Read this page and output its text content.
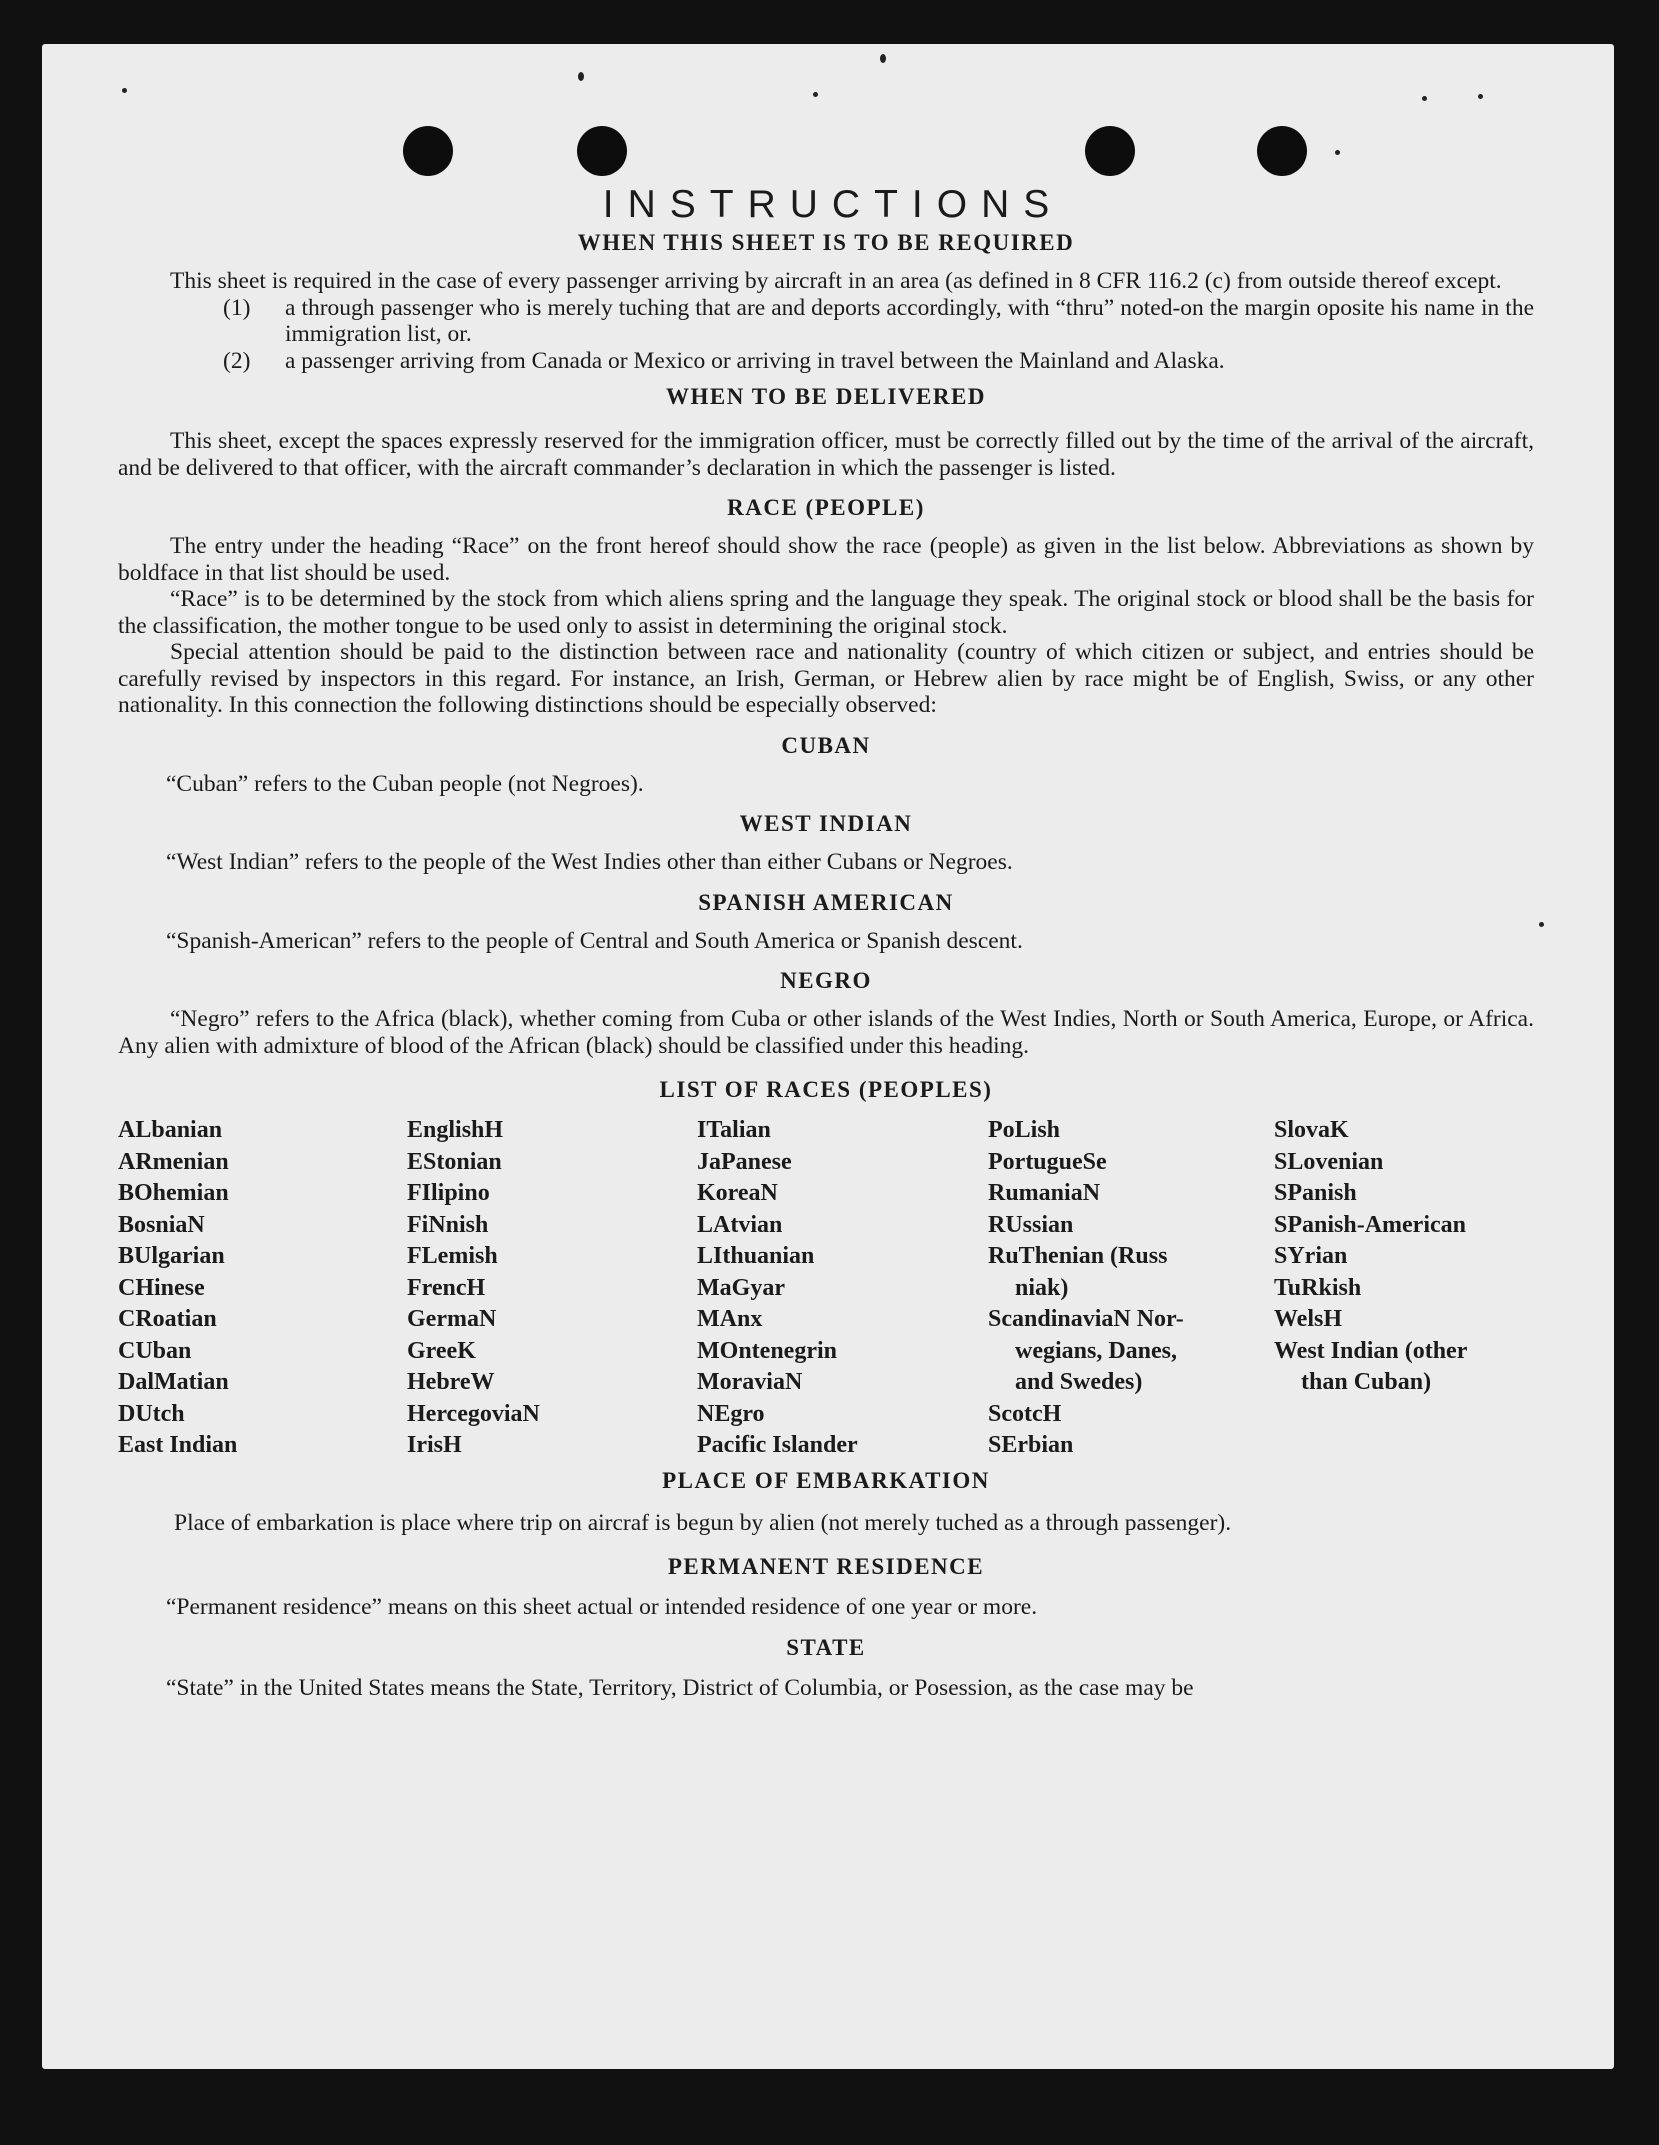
INSTRUCTIONS
WHEN THIS SHEET IS TO BE REQUIRED

This sheet is required in the case of every passenger arriving by aircraft in an area (as defined in 8 CFR 116.2 (c) from outside thereof except.

(1)	a through passenger who is merely tuching that are and deports accordingly, with “thru” noted-on the margin oposite his name in the immigration list, or.
(2)	a passenger arriving from Canada or Mexico or arriving in travel between the Mainland and Alaska.
WHEN TO BE DELIVERED

This sheet, except the spaces expressly reserved for the immigration officer, must be correctly filled out by the time of the arrival of the aircraft, and be delivered to that officer, with the aircraft commander’s declaration in which the passenger is listed.

RACE (PEOPLE)

The entry under the heading “Race” on the front hereof should show the race (people) as given in the list below. Abbreviations as shown by boldface in that list should be used.

“Race” is to be determined by the stock from which aliens spring and the language they speak. The original stock or blood shall be the basis for the classification, the mother tongue to be used only to assist in determining the original stock.

Special attention should be paid to the distinction between race and nationality (country of which citizen or subject, and entries should be carefully revised by inspectors in this regard. For instance, an Irish, German, or Hebrew alien by race might be of English, Swiss, or any other nationality. In this connection the following distinctions should be especially observed:

CUBAN

“Cuban” refers to the Cuban people (not Negroes).

WEST INDIAN

“West Indian” refers to the people of the West Indies other than either Cubans or Negroes.

SPANISH AMERICAN

“Spanish-American” refers to the people of Central and South America or Spanish descent.

NEGRO

“Negro” refers to the Africa (black), whether coming from Cuba or other islands of the West Indies, North or South America, Europe, or Africa. Any alien with admixture of blood of the African (black) should be classified under this heading.

LIST OF RACES (PEOPLES)
ALbanian
ARmenian
BOhemian
BosniaN
BUlgarian
CHinese
CRoatian
CUban
DalMatian
DUtch
East Indian
EnglishH
EStonian
FIlipino
FiNnish
FLemish
FrencH
GermaN
GreeK
HebreW
HercegoviaN
IrisH
ITalian
JaPanese
KoreaN
LAtvian
LIthuanian
MaGyar
MAnx
MOntenegrin
MoraviaN
NEgro
Pacific Islander
PoLish
PortugueSe
RumaniaN
RUssian
RuThenian (Russ
niak)
ScandinaviaN Nor-
wegians, Danes,
and Swedes)
ScotcH
SErbian
SlovaK
SLovenian
SPanish
SPanish-American
SYrian
TuRkish
WelsH
West Indian (other
than Cuban)
PLACE OF EMBARKATION

Place of embarkation is place where trip on aircraf is begun by alien (not merely tuched as a through passenger).

PERMANENT RESIDENCE

“Permanent residence” means on this sheet actual or intended residence of one year or more.

STATE

“State” in the United States means the State, Territory, District of Columbia, or Posession, as the case may be
